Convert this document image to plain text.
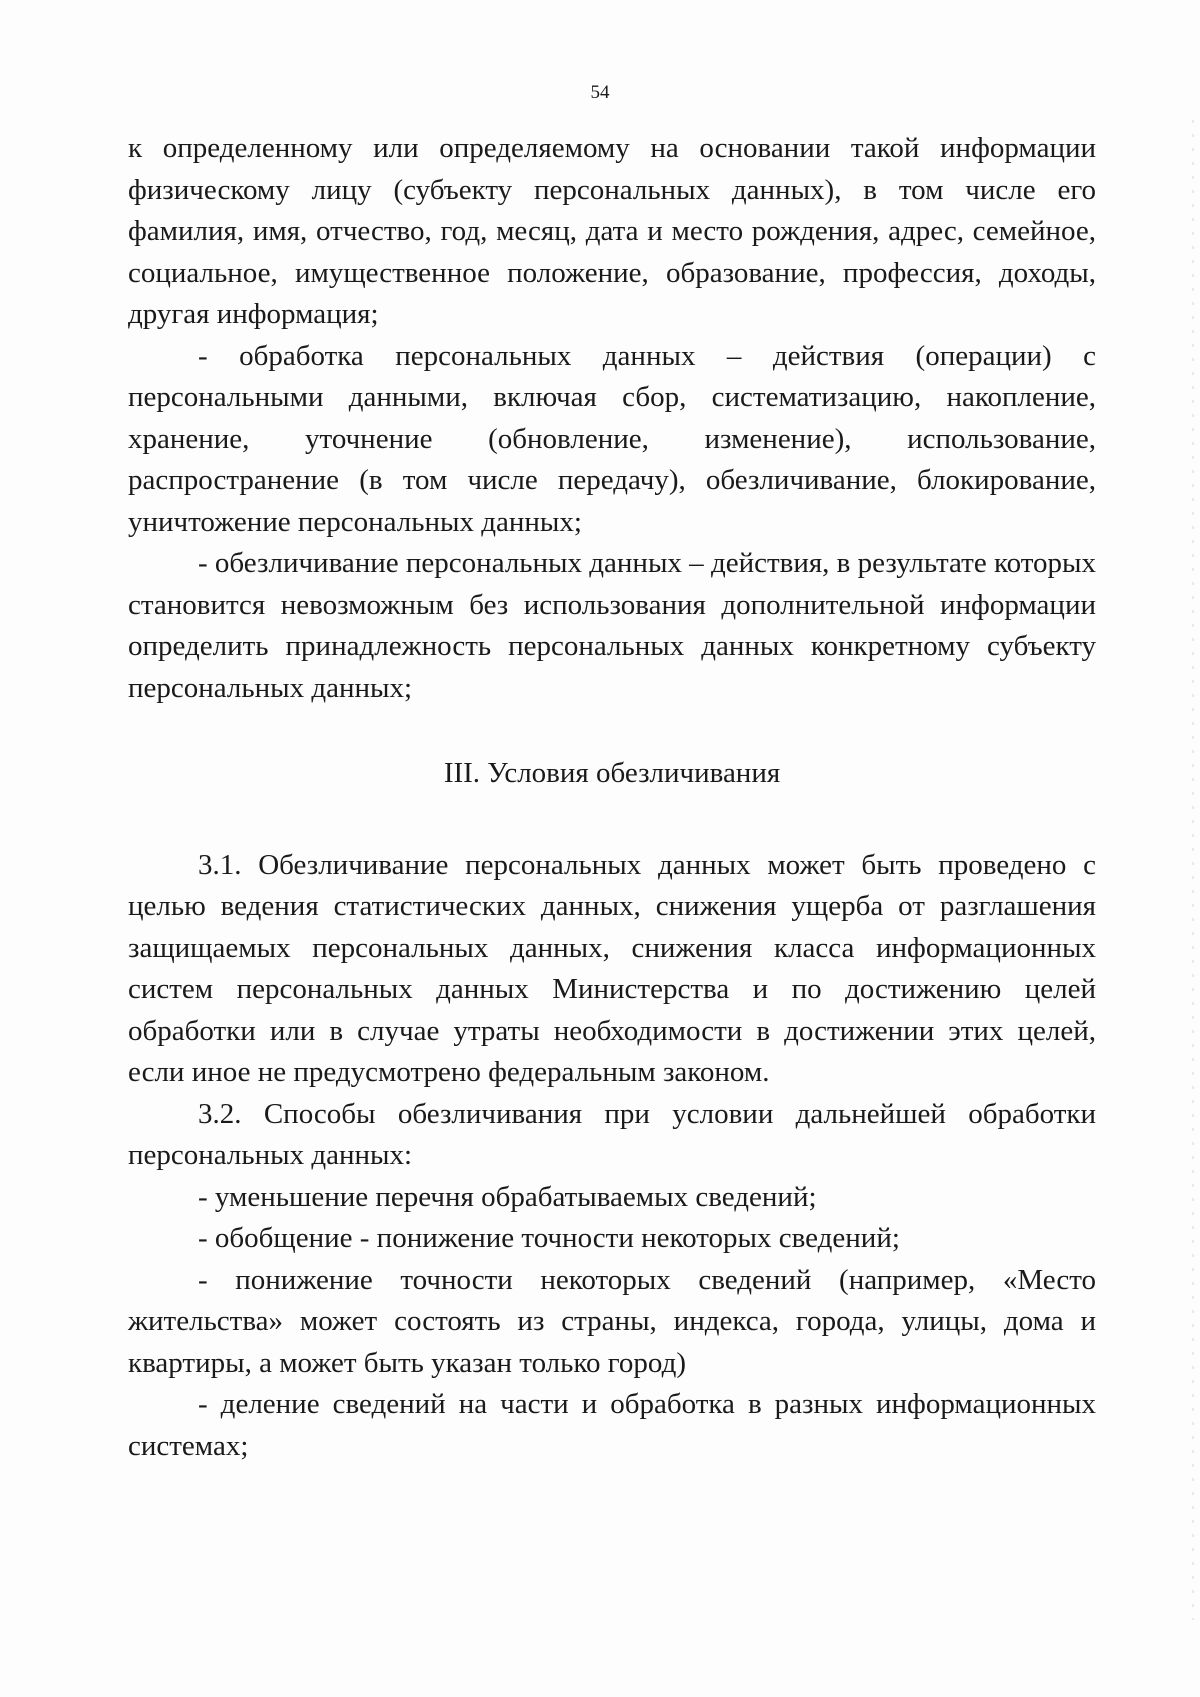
54

к определенному или определяемому на основании такой информации физическому лицу (субъекту персональных данных), в том числе его фамилия, имя, отчество, год, месяц, дата и место рождения, адрес, семейное, социальное, имущественное положение, образование, профессия, доходы, другая информация;

- обработка персональных данных – действия (операции) с персональными данными, включая сбор, систематизацию, накопление, хранение, уточнение (обновление, изменение), использование, распространение (в том числе передачу), обезличивание, блокирование, уничтожение персональных данных;

- обезличивание персональных данных – действия, в результате которых становится невозможным без использования дополнительной информации определить принадлежность персональных данных конкретному субъекту персональных данных;

III. Условия обезличивания

3.1. Обезличивание персональных данных может быть проведено с целью ведения статистических данных, снижения ущерба от разглашения защищаемых персональных данных, снижения класса информационных систем персональных данных Министерства и по достижению целей обработки или в случае утраты необходимости в достижении этих целей, если иное не предусмотрено федеральным законом.

3.2. Способы обезличивания при условии дальнейшей обработки персональных данных:

- уменьшение перечня обрабатываемых сведений;

- обобщение - понижение точности некоторых сведений;

- понижение точности некоторых сведений (например, «Место жительства» может состоять из страны, индекса, города, улицы, дома и квартиры, а может быть указан только город)

- деление сведений на части и обработка в разных информационных системах;
